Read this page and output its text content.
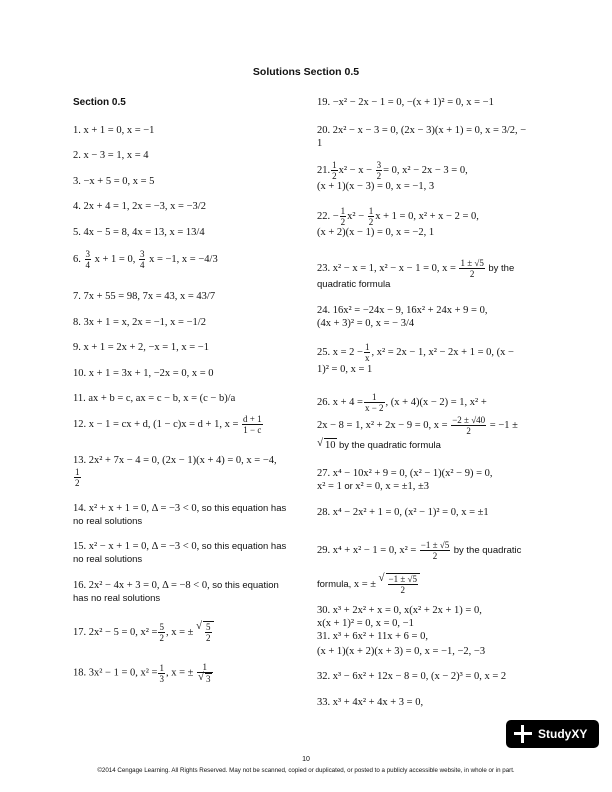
Solutions Section 0.5
Section 0.5
1. x + 1 = 0, x = −1
2. x − 3 = 1, x = 4
3. −x + 5 = 0, x = 5
4. 2x + 4 = 1, 2x = −3, x = −3/2
5. 4x − 5 = 8, 4x = 13, x = 13/4
6. $\frac{3}{4}$ x + 1 = 0, $\frac{3}{4}$ x = −1, x = −4/3
7. 7x + 55 = 98, 7x = 43, x = 43/7
8. 3x + 1 = x, 2x = −1, x = −1/2
9. x + 1 = 2x + 2, −x = 1, x = −1
10. x + 1 = 3x + 1, −2x = 0, x = 0
11. ax + b = c, ax = c − b, x = (c − b)/a
12. x − 1 = cx + d, (1 − c)x = d + 1, $x = \frac{d + 1}{1 - c}$
13. 2x² + 7x − 4 = 0, (2x − 1)(x + 4) = 0, x = −4,
$\frac{1}{2}$
14. x² + x + 1 = 0, Δ = −3 < 0, so this equation has
no real solutions
15. x² − x + 1 = 0, Δ = −3 < 0, so this equation has
no real solutions
16. 2x² − 4x + 3 = 0, Δ = −8 < 0, so this equation
has no real solutions
17. 2x² − 5 = 0, $x^2 = \frac{5}{2}$ , x = ±
√ $\frac{5}{2}$
18. 3x² − 1 = 0, $x^2 = \frac{1}{3}$ , x = ± $\frac{1}{√ 3}$
19. −x² − 2x − 1 = 0, −(x + 1)² = 0, x = −1
20. 2x² − x − 3 = 0, (2x − 3)(x + 1) = 0, x = 3/2, −
1
21. $\frac{1}{2} x^2 - x - \frac{3}{2} = 0$, x² − 2x − 3 = 0,
(x + 1)(x − 3) = 0, x = −1, 3
22. − $\frac{1}{2} x^2 - \frac{1}{2}$ x + 1 = 0, x² + x − 2 = 0,
(x + 2)(x − 1) = 0, x = −2, 1
23. x² − x = 1, x² − x − 1 = 0, $x = \frac{1 \pm √5}{2}$ by the
quadratic formula
24. 16x² = −24x − 9, 16x² + 24x + 9 = 0,
(4x + 3)² = 0, x = − 3/4
25. $x = 2 - \frac{1}{x}$ , x² = 2x − 1, x² − 2x + 1 = 0, (x −
1)² = 0, x = 1
26. $x + 4 = \frac{1}{x - 2}$ , (x + 4)(x − 2) = 1, x² +
2x − 8 = 1, x² + 2x − 9 = 0, $x = \frac{-2 \pm √40}{2} = -1$ ±
√ 10 by the quadratic formula
27. x⁴ − 10x² + 9 = 0, (x² − 1)(x² − 9) = 0,
x² = 1 or x² = 0, x = ±1, ±3
28. x⁴ − 2x² + 1 = 0, (x² − 1)² = 0, x = ±1
29. x⁴ + x² − 1 = 0, $x^2 = \frac{-1 \pm √5}{2}$ by the quadratic
formula, x = ±
√ $\frac{-1 \pm √5}{2}$
30. x³ + 2x² + x = 0, x(x² + 2x + 1) = 0,
x(x + 1)² = 0, x = 0, −1
31. x³ + 6x² + 11x + 6 = 0,
(x + 1)(x + 2)(x + 3) = 0, x = −1, −2, −3
32. x³ − 6x² + 12x − 8 = 0, (x − 2)³ = 0, x = 2
33. x³ + 4x² + 4x + 3 = 0,
StudyXY
10
©2014 Cengage Learning. All Rights Reserved. May not be scanned, copied or duplicated, or posted to a publicly accessible website, in whole or in part.
